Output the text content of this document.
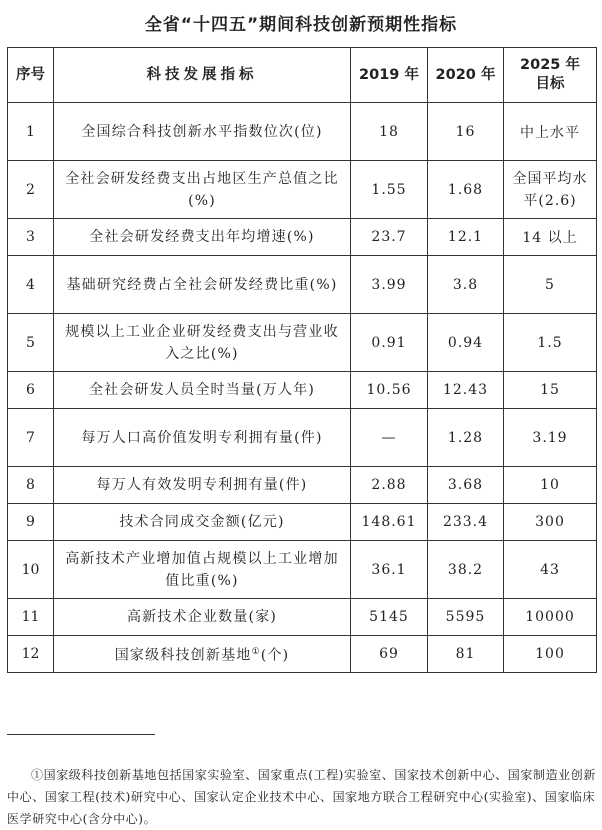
全省“十四五”期间科技创新预期性指标
序号	科技发展指标	2019 年	2020 年	2025 年
目标
1	全国综合科技创新水平指数位次(位)	18	16	中上水平
2	全社会研发经费支出占地区生产总值之比(%)	1.55	1.68	全国平均水平(2.6)
3	全社会研发经费支出年均增速(%)	23.7	12.1	14 以上
4	基础研究经费占全社会研发经费比重(%)	3.99	3.8	5
5	规模以上工业企业研发经费支出与营业收入之比(%)	0.91	0.94	1.5
6	全社会研发人员全时当量(万人年)	10.56	12.43	15
7	每万人口高价值发明专利拥有量(件)	—	1.28	3.19
8	每万人有效发明专利拥有量(件)	2.88	3.68	10
9	技术合同成交金额(亿元)	148.61	233.4	300
10	高新技术产业增加值占规模以上工业增加值比重(%)	36.1	38.2	43
11	高新技术企业数量(家)	5145	5595	10000
12	国家级科技创新基地①(个)	69	81	100
①国家级科技创新基地包括国家实验室、国家重点(工程)实验室、国家技术创新中心、国家制造业创新中心、国家工程(技术)研究中心、国家认定企业技术中心、国家地方联合工程研究中心(实验室)、国家临床医学研究中心(含分中心)。
